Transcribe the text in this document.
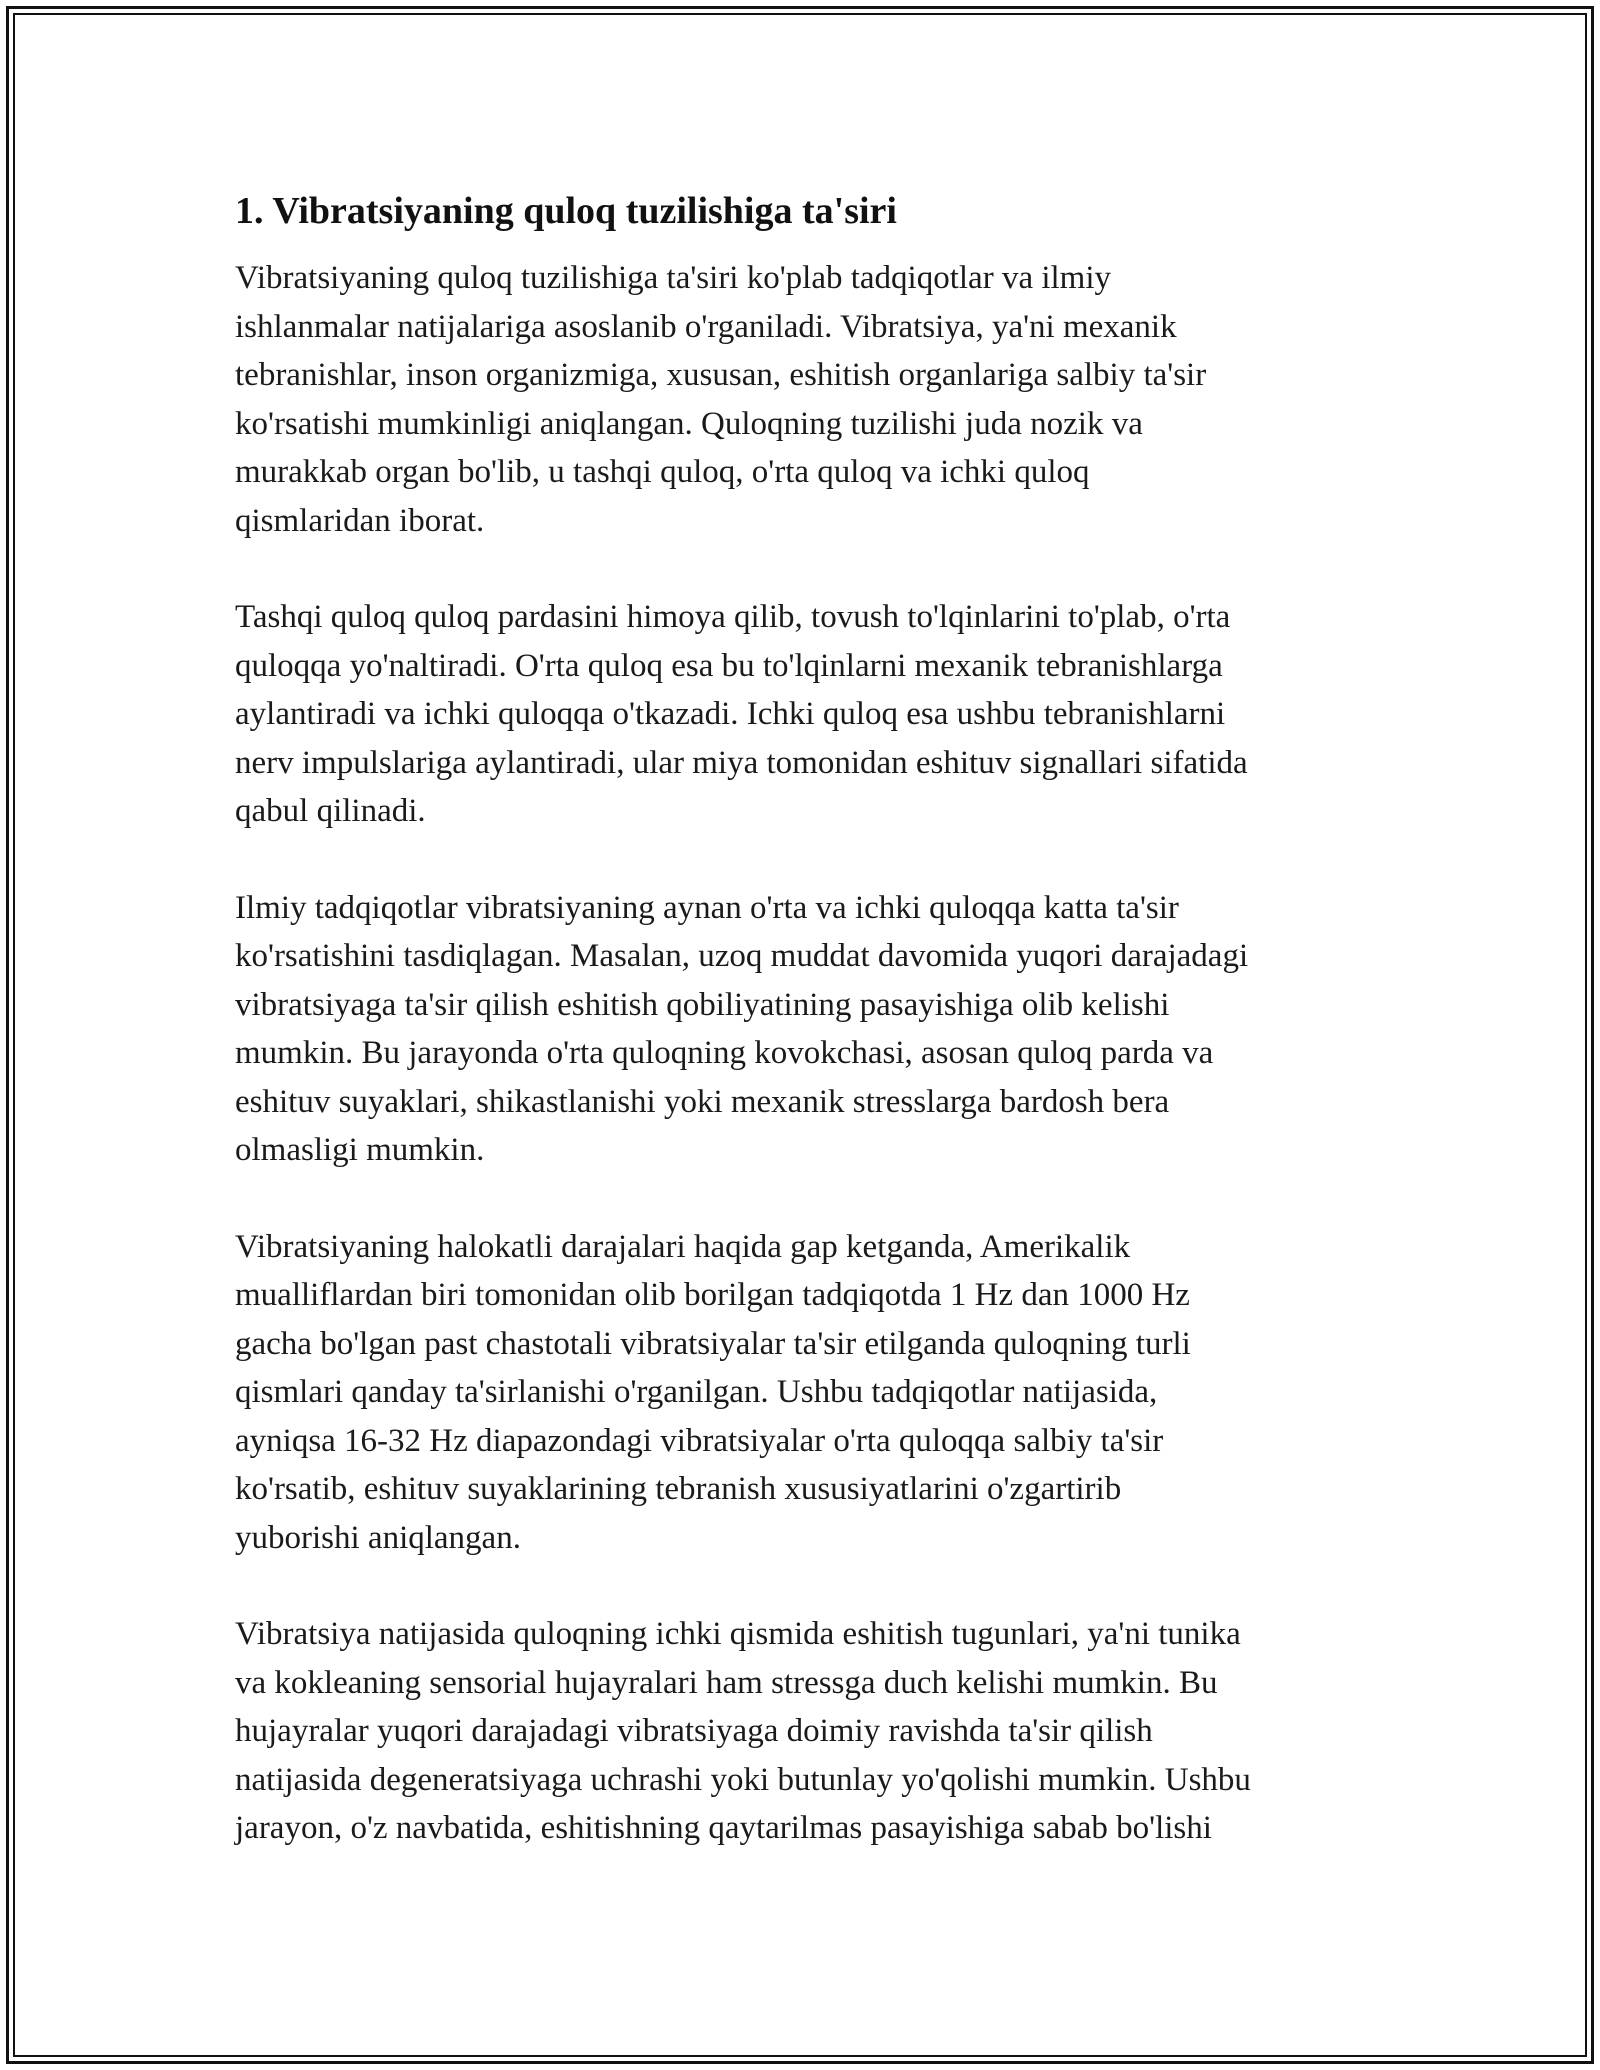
1. Vibratsiyaning quloq tuzilishiga ta'siri

Vibratsiyaning quloq tuzilishiga ta'siri ko'plab tadqiqotlar va ilmiy
ishlanmalar natijalariga asoslanib o'rganiladi. Vibratsiya, ya'ni mexanik
tebranishlar, inson organizmiga, xususan, eshitish organlariga salbiy ta'sir
ko'rsatishi mumkinligi aniqlangan. Quloqning tuzilishi juda nozik va
murakkab organ bo'lib, u tashqi quloq, o'rta quloq va ichki quloq
qismlaridan iborat.

Tashqi quloq quloq pardasini himoya qilib, tovush to'lqinlarini to'plab, o'rta
quloqqa yo'naltiradi. O'rta quloq esa bu to'lqinlarni mexanik tebranishlarga
aylantiradi va ichki quloqqa o'tkazadi. Ichki quloq esa ushbu tebranishlarni
nerv impulslariga aylantiradi, ular miya tomonidan eshituv signallari sifatida
qabul qilinadi.

Ilmiy tadqiqotlar vibratsiyaning aynan o'rta va ichki quloqqa katta ta'sir
ko'rsatishini tasdiqlagan. Masalan, uzoq muddat davomida yuqori darajadagi
vibratsiyaga ta'sir qilish eshitish qobiliyatining pasayishiga olib kelishi
mumkin. Bu jarayonda o'rta quloqning kovokchasi, asosan quloq parda va
eshituv suyaklari, shikastlanishi yoki mexanik stresslarga bardosh bera
olmasligi mumkin.

Vibratsiyaning halokatli darajalari haqida gap ketganda, Amerikalik
mualliflardan biri tomonidan olib borilgan tadqiqotda 1 Hz dan 1000 Hz
gacha bo'lgan past chastotali vibratsiyalar ta'sir etilganda quloqning turli
qismlari qanday ta'sirlanishi o'rganilgan. Ushbu tadqiqotlar natijasida,
ayniqsa 16-32 Hz diapazondagi vibratsiyalar o'rta quloqqa salbiy ta'sir
ko'rsatib, eshituv suyaklarining tebranish xususiyatlarini o'zgartirib
yuborishi aniqlangan.

Vibratsiya natijasida quloqning ichki qismida eshitish tugunlari, ya'ni tunika
va kokleaning sensorial hujayralari ham stressga duch kelishi mumkin. Bu
hujayralar yuqori darajadagi vibratsiyaga doimiy ravishda ta'sir qilish
natijasida degeneratsiyaga uchrashi yoki butunlay yo'qolishi mumkin. Ushbu
jarayon, o'z navbatida, eshitishning qaytarilmas pasayishiga sabab bo'lishi
